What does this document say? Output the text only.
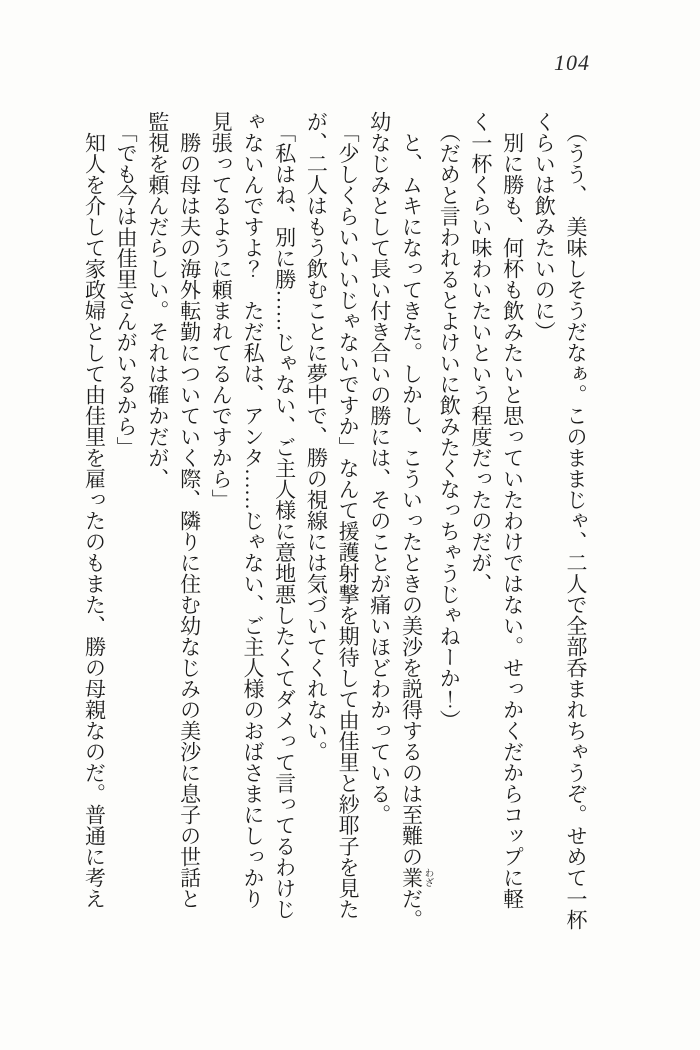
104
　（うう、　美味しそうだなぁ。このままじゃ、二人で全部呑まれちゃうぞ。せめて一杯
くらいは飲みたいのに）
　別に勝も、何杯も飲みたいと思っていたわけではない。せっかくだからコップに軽
く一杯くらい味わいたいという程度だったのだが、
　（だめと言われるとよけいに飲みたくなっちゃうじゃねーか！）
　と、ムキになってきた。しかし、こういったときの美沙を説得するのは至難の業 わざだ。
幼なじみとして長い付き合いの勝には、そのことが痛いほどわかっている。
　「少しくらいいいじゃないですか」なんて援護射撃を期待して由佳里と紗耶子を見た
が、二人はもう飲むことに夢中で、勝の視線には気づいてくれない。
　「私はね、別に勝……じゃない、ご主人様に意地悪したくてダメって言ってるわけじ
ゃないんですよ？　ただ私は、アンタ……じゃない、ご主人様のおばさまにしっかり
見張ってるように頼まれてるんですから」
　勝の母は夫の海外転勤についていく際、隣りに住む幼なじみの美沙に息子の世話と
監視を頼んだらしい。それは確かだが、
　「でも今は由佳里さんがいるから」
　知人を介して家政婦として由佳里を雇ったのもまた、勝の母親なのだ。普通に考え
